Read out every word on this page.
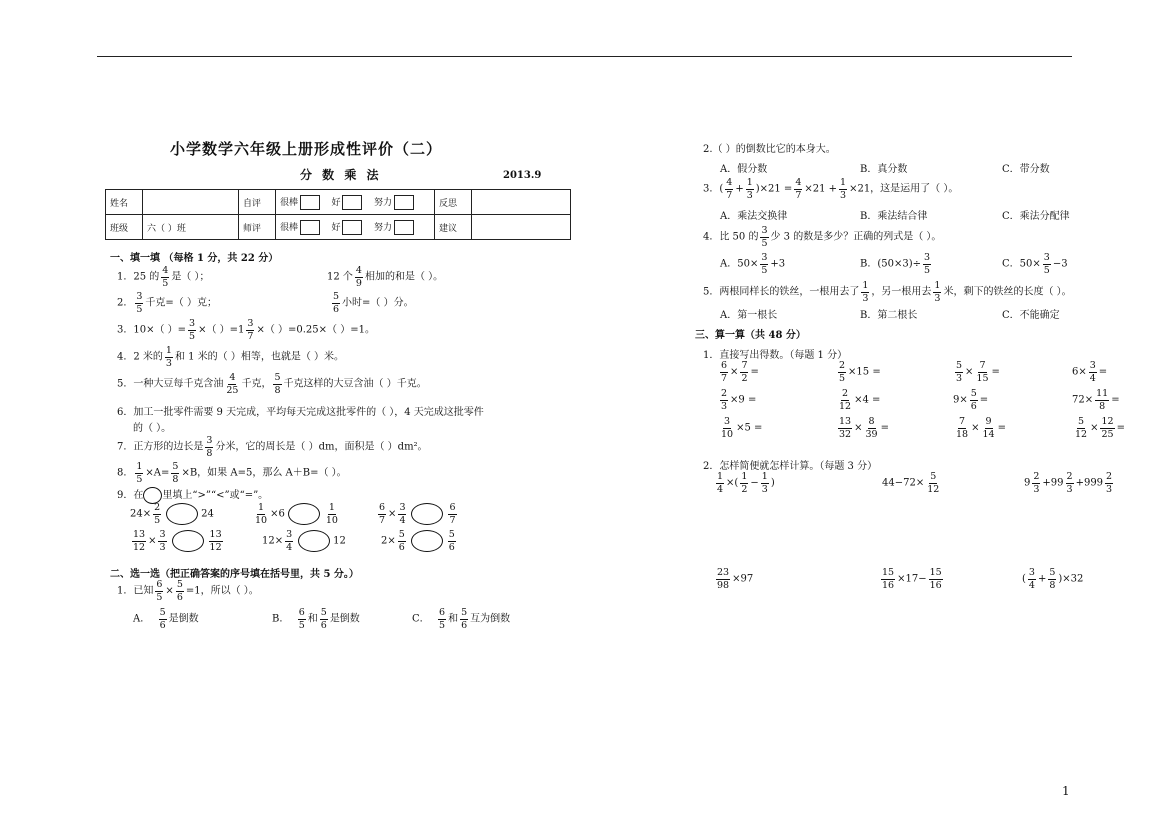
小学数学六年级上册形成性评价（二）
分 数 乘 法	2013.9
姓名		自评	很棒 好 努力	反思	
班级	六（ ）班	师评	很棒 好 努力	建议	
一、填一填 （每格 1 分，共 22 分）
1．25 的 $\frac{4}{5}$ 是（ ）；	12 个 $\frac{4}{9}$ 相加的和是（ ）。
2． $\frac{3}{5}$ 千克=（ ）克；	$\frac{5}{6}$ 小时=（ ）分。
3．10×（ ）= $\frac{3}{5}$ ×（ ）$=1 \frac{3}{7}$ ×（ ）=0.25×（ ）=1。
4．2 米的 $\frac{1}{3}$ 和 1 米的（ ）相等，也就是（ ）米。
5．一种大豆每千克含油 $\frac{4}{25}$ 千克， $\frac{5}{8}$ 千克这样的大豆含油（ ）千克。
6．加工一批零件需要 9 天完成，平均每天完成这批零件的（ ），4 天完成这批零件
的（ ）。
7．正方形的边长是 $\frac{3}{8}$ 分米，它的周长是（ ）dm，面积是（ ）dm²。
8． $\frac{1}{5} \times A= \frac{5}{8} \times B$，如果 A=5，那么 A＋B=（ ）。
9．在 里填上“>”“<”或“=”。
$24\times \frac{2}{5}$	24	$\frac{1}{10} \times 6$	$\frac{1}{10}$	$\frac{6}{7} \times \frac{3}{4}$	$\frac{6}{7}$
$\frac{13}{12} \times \frac{3}{3}$	$\frac{13}{12}$	$12\times \frac{3}{4}$	12	$2\times \frac{5}{6}$	$\frac{5}{6}$
二、选一选（把正确答案的序号填在括号里，共 5 分。）
1．已知 $\frac{6}{5} \times \frac{5}{6} =1$，所以（ ）。
A． $\frac{5}{6}$ 是倒数	B． $\frac{6}{5}$ 和 $\frac{5}{6}$ 是倒数	C． $\frac{6}{5}$ 和 $\frac{5}{6}$ 互为倒数
2.（ ）的倒数比它的本身大。
A．假分数	B．真分数	C．带分数
3．( $\frac{4}{7} + \frac{1}{3} )\times 21 = \frac{4}{7} \times 21 + \frac{1}{3} \times 21$，这是运用了（ ）。
A．乘法交换律	B．乘法结合律	C．乘法分配律
4．比 50 的 $\frac{3}{5}$ 少 3 的数是多少？正确的列式是（ ）。
A．$50\times \frac{3}{5} +3$	B．$(50\times 3)\div \frac{3}{5}$	C．$50\times \frac{3}{5} -3$
5．两根同样长的铁丝，一根用去了 $\frac{1}{3}$ ，另一根用去 $\frac{1}{3}$ 米，剩下的铁丝的长度（ ）。
A．第一根长	B．第二根长	C．不能确定
三、算一算（共 48 分）
1．直接写出得数。（每题 1 分）
$\frac{6}{7} \times \frac{7}{2}$ =	$\frac{2}{5} \times 15$ =	$\frac{5}{3} \times \frac{7}{15}$ =	$6\times \frac{3}{4}$ =
$\frac{2}{3} \times 9$ =	$\frac{2}{12} \times 4$ =	$9\times \frac{5}{6}$ =	$72\times \frac{11}{8}$ =
$\frac{3}{10} \times 5$ =	$\frac{13}{32} \times \frac{8}{39}$ =	$\frac{7}{18} \times \frac{9}{14}$ =	$\frac{5}{12} \times \frac{12}{25}$ =
2．怎样简便就怎样计算。（每题 3 分）
$\frac{1}{4}$ ×( $\frac{1}{2} - \frac{1}{3}$ )	$44-72\times \frac{5}{12}$	$9 \frac{2}{3} +99 \frac{2}{3} +999 \frac{2}{3}$
$\frac{23}{98} \times 97$	$\frac{15}{16} \times 17- \frac{15}{16}$	( $\frac{3}{4} + \frac{5}{8} )\times 32$
1
